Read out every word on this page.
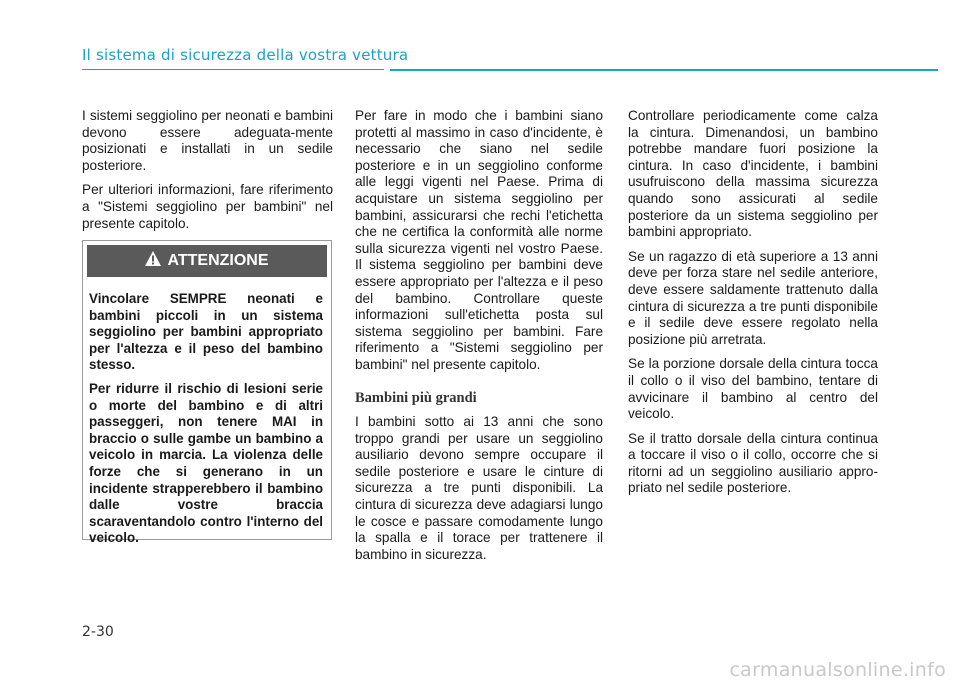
Il sistema di sicurezza della vostra vettura

I sistemi seggiolino per neonati e bambini devono essere adeguata-mente posizionati e installati in un sedile posteriore.

Per ulteriori informazioni, fare riferimento a "Sistemi seggiolino per bambini" nel presente capitolo.

ATTENZIONE

Vincolare SEMPRE neonati e bambini piccoli in un sistema seggiolino per bambini appropriato per l'altezza e il peso del bambino stesso.

Per ridurre il rischio di lesioni serie o morte del bambino e di altri passeggeri, non tenere MAI in braccio o sulle gambe un bambino a veicolo in marcia. La violenza delle forze che si generano in un incidente strapperebbero il bambino dalle vostre braccia scaraventandolo contro l'interno del veicolo.

Per fare in modo che i bambini siano protetti al massimo in caso d'incidente, è necessario che siano nel sedile posteriore e in un seggiolino conforme alle leggi vigenti nel Paese. Prima di acquistare un sistema seggiolino per bambini, assicurarsi che rechi l'etichetta che ne certifica la conformità alle norme sulla sicurezza vigenti nel vostro Paese. Il sistema seggiolino per bambini deve essere appropriato per l'altezza e il peso del bambino. Controllare queste informazioni sull'etichetta posta sul sistema seggiolino per bambini. Fare riferimento a "Sistemi seggiolino per bambini" nel presente capitolo.

Bambini più grandi

I bambini sotto ai 13 anni che sono troppo grandi per usare un seggiolino ausiliario devono sempre occupare il sedile posteriore e usare le cinture di sicurezza a tre punti disponibili. La cintura di sicurezza deve adagiarsi lungo le cosce e passare comodamente lungo la spalla e il torace per trattenere il bambino in sicurezza.

Controllare periodicamente come calza la cintura. Dimenandosi, un bambino potrebbe mandare fuori posizione la cintura. In caso d'incidente, i bambini usufruiscono della massima sicurezza quando sono assicurati al sedile posteriore da un sistema seggiolino per bambini appropriato.

Se un ragazzo di età superiore a 13 anni deve per forza stare nel sedile anteriore, deve essere saldamente trattenuto dalla cintura di sicurezza a tre punti disponibile e il sedile deve essere regolato nella posizione più arretrata.

Se la porzione dorsale della cintura tocca il collo o il viso del bambino, tentare di avvicinare il bambino al centro del veicolo.

Se il tratto dorsale della cintura continua a toccare il viso o il collo, occorre che si ritorni ad un seggiolino ausiliario appro-priato nel sedile posteriore.

2-30
carmanualsonline.info
